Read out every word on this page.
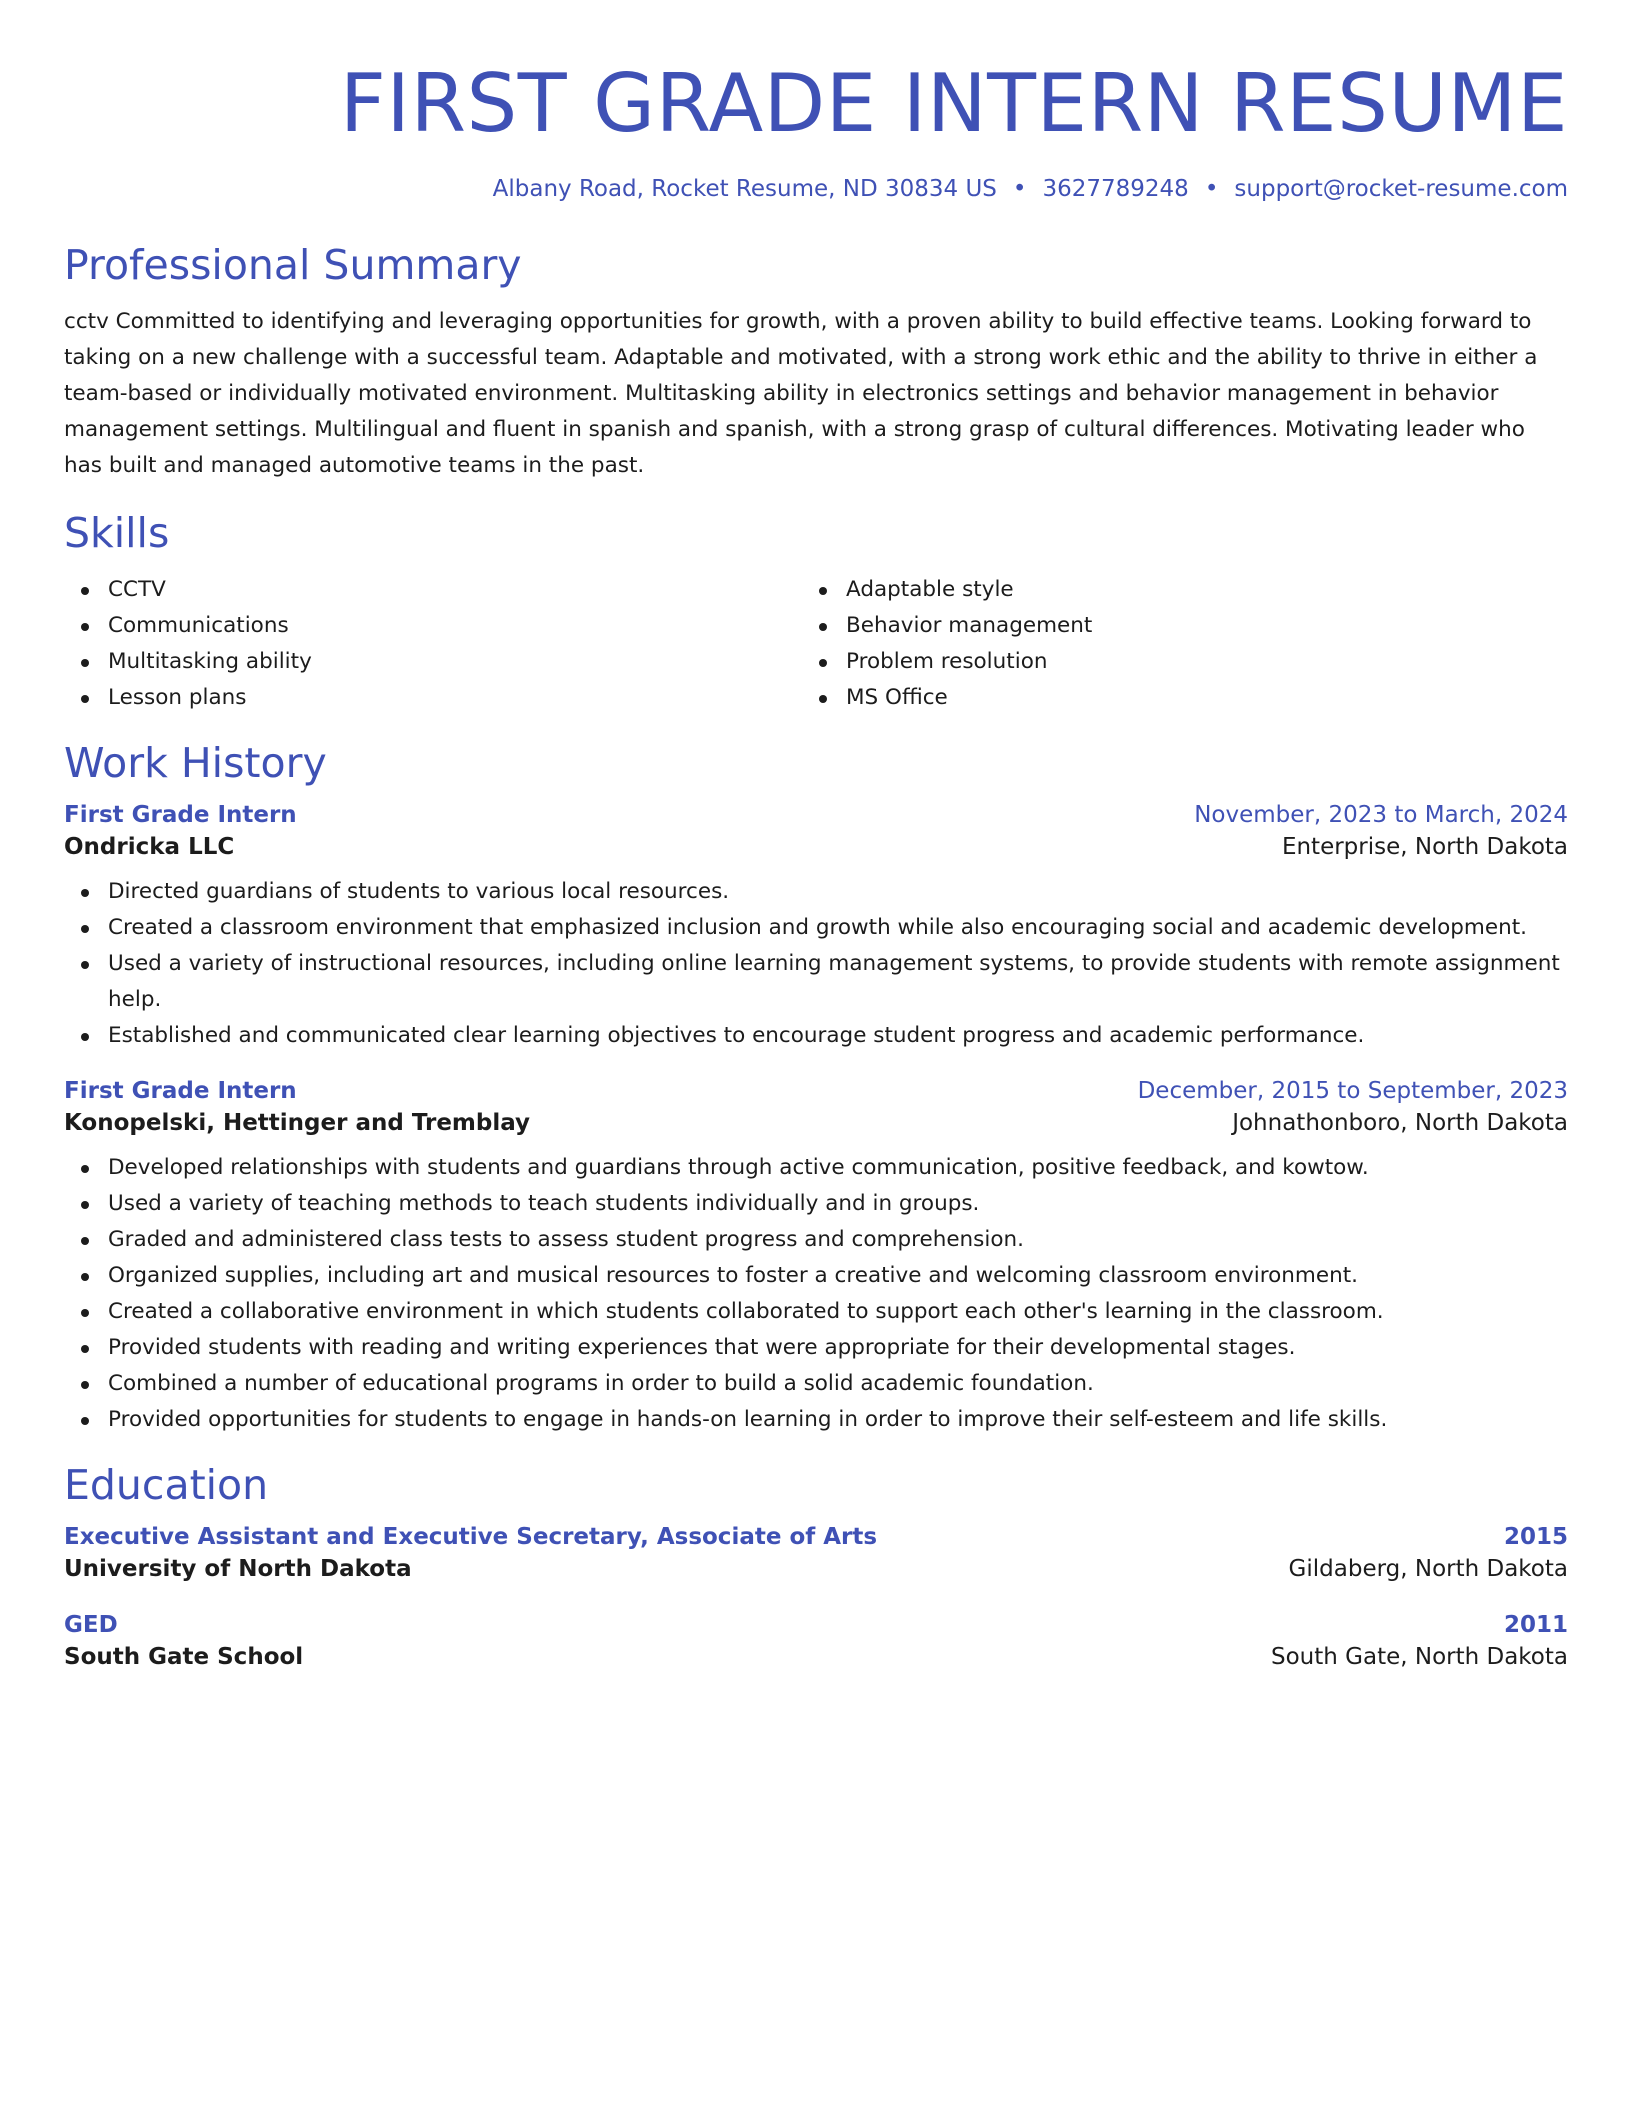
FIRST GRADE INTERN RESUME
Albany Road, Rocket Resume, ND 30834 US • 3627789248 • support@rocket-resume.com
Professional Summary

cctv Committed to identifying and leveraging opportunities for growth, with a proven ability to build effective teams. Looking forward to taking on a new challenge with a successful team. Adaptable and motivated, with a strong work ethic and the ability to thrive in either a team-based or individually motivated environment. Multitasking ability in electronics settings and behavior management in behavior management settings. Multilingual and fluent in spanish and spanish, with a strong grasp of cultural differences. Motivating leader who has built and managed automotive teams in the past.

Skills
CCTV
Communications
Multitasking ability
Lesson plans
Adaptable style
Behavior management
Problem resolution
MS Office
Work History
First Grade Intern	November, 2023 to March, 2024
Ondricka LLC	Enterprise, North Dakota
Directed guardians of students to various local resources.
Created a classroom environment that emphasized inclusion and growth while also encouraging social and academic development.
Used a variety of instructional resources, including online learning management systems, to provide students with remote assignment help.
Established and communicated clear learning objectives to encourage student progress and academic performance.
First Grade Intern	December, 2015 to September, 2023
Konopelski, Hettinger and Tremblay	Johnathonboro, North Dakota
Developed relationships with students and guardians through active communication, positive feedback, and kowtow.
Used a variety of teaching methods to teach students individually and in groups.
Graded and administered class tests to assess student progress and comprehension.
Organized supplies, including art and musical resources to foster a creative and welcoming classroom environment.
Created a collaborative environment in which students collaborated to support each other's learning in the classroom.
Provided students with reading and writing experiences that were appropriate for their developmental stages.
Combined a number of educational programs in order to build a solid academic foundation.
Provided opportunities for students to engage in hands-on learning in order to improve their self-esteem and life skills.
Education
Executive Assistant and Executive Secretary, Associate of Arts	2015
University of North Dakota	Gildaberg, North Dakota
GED	2011
South Gate School	South Gate, North Dakota
